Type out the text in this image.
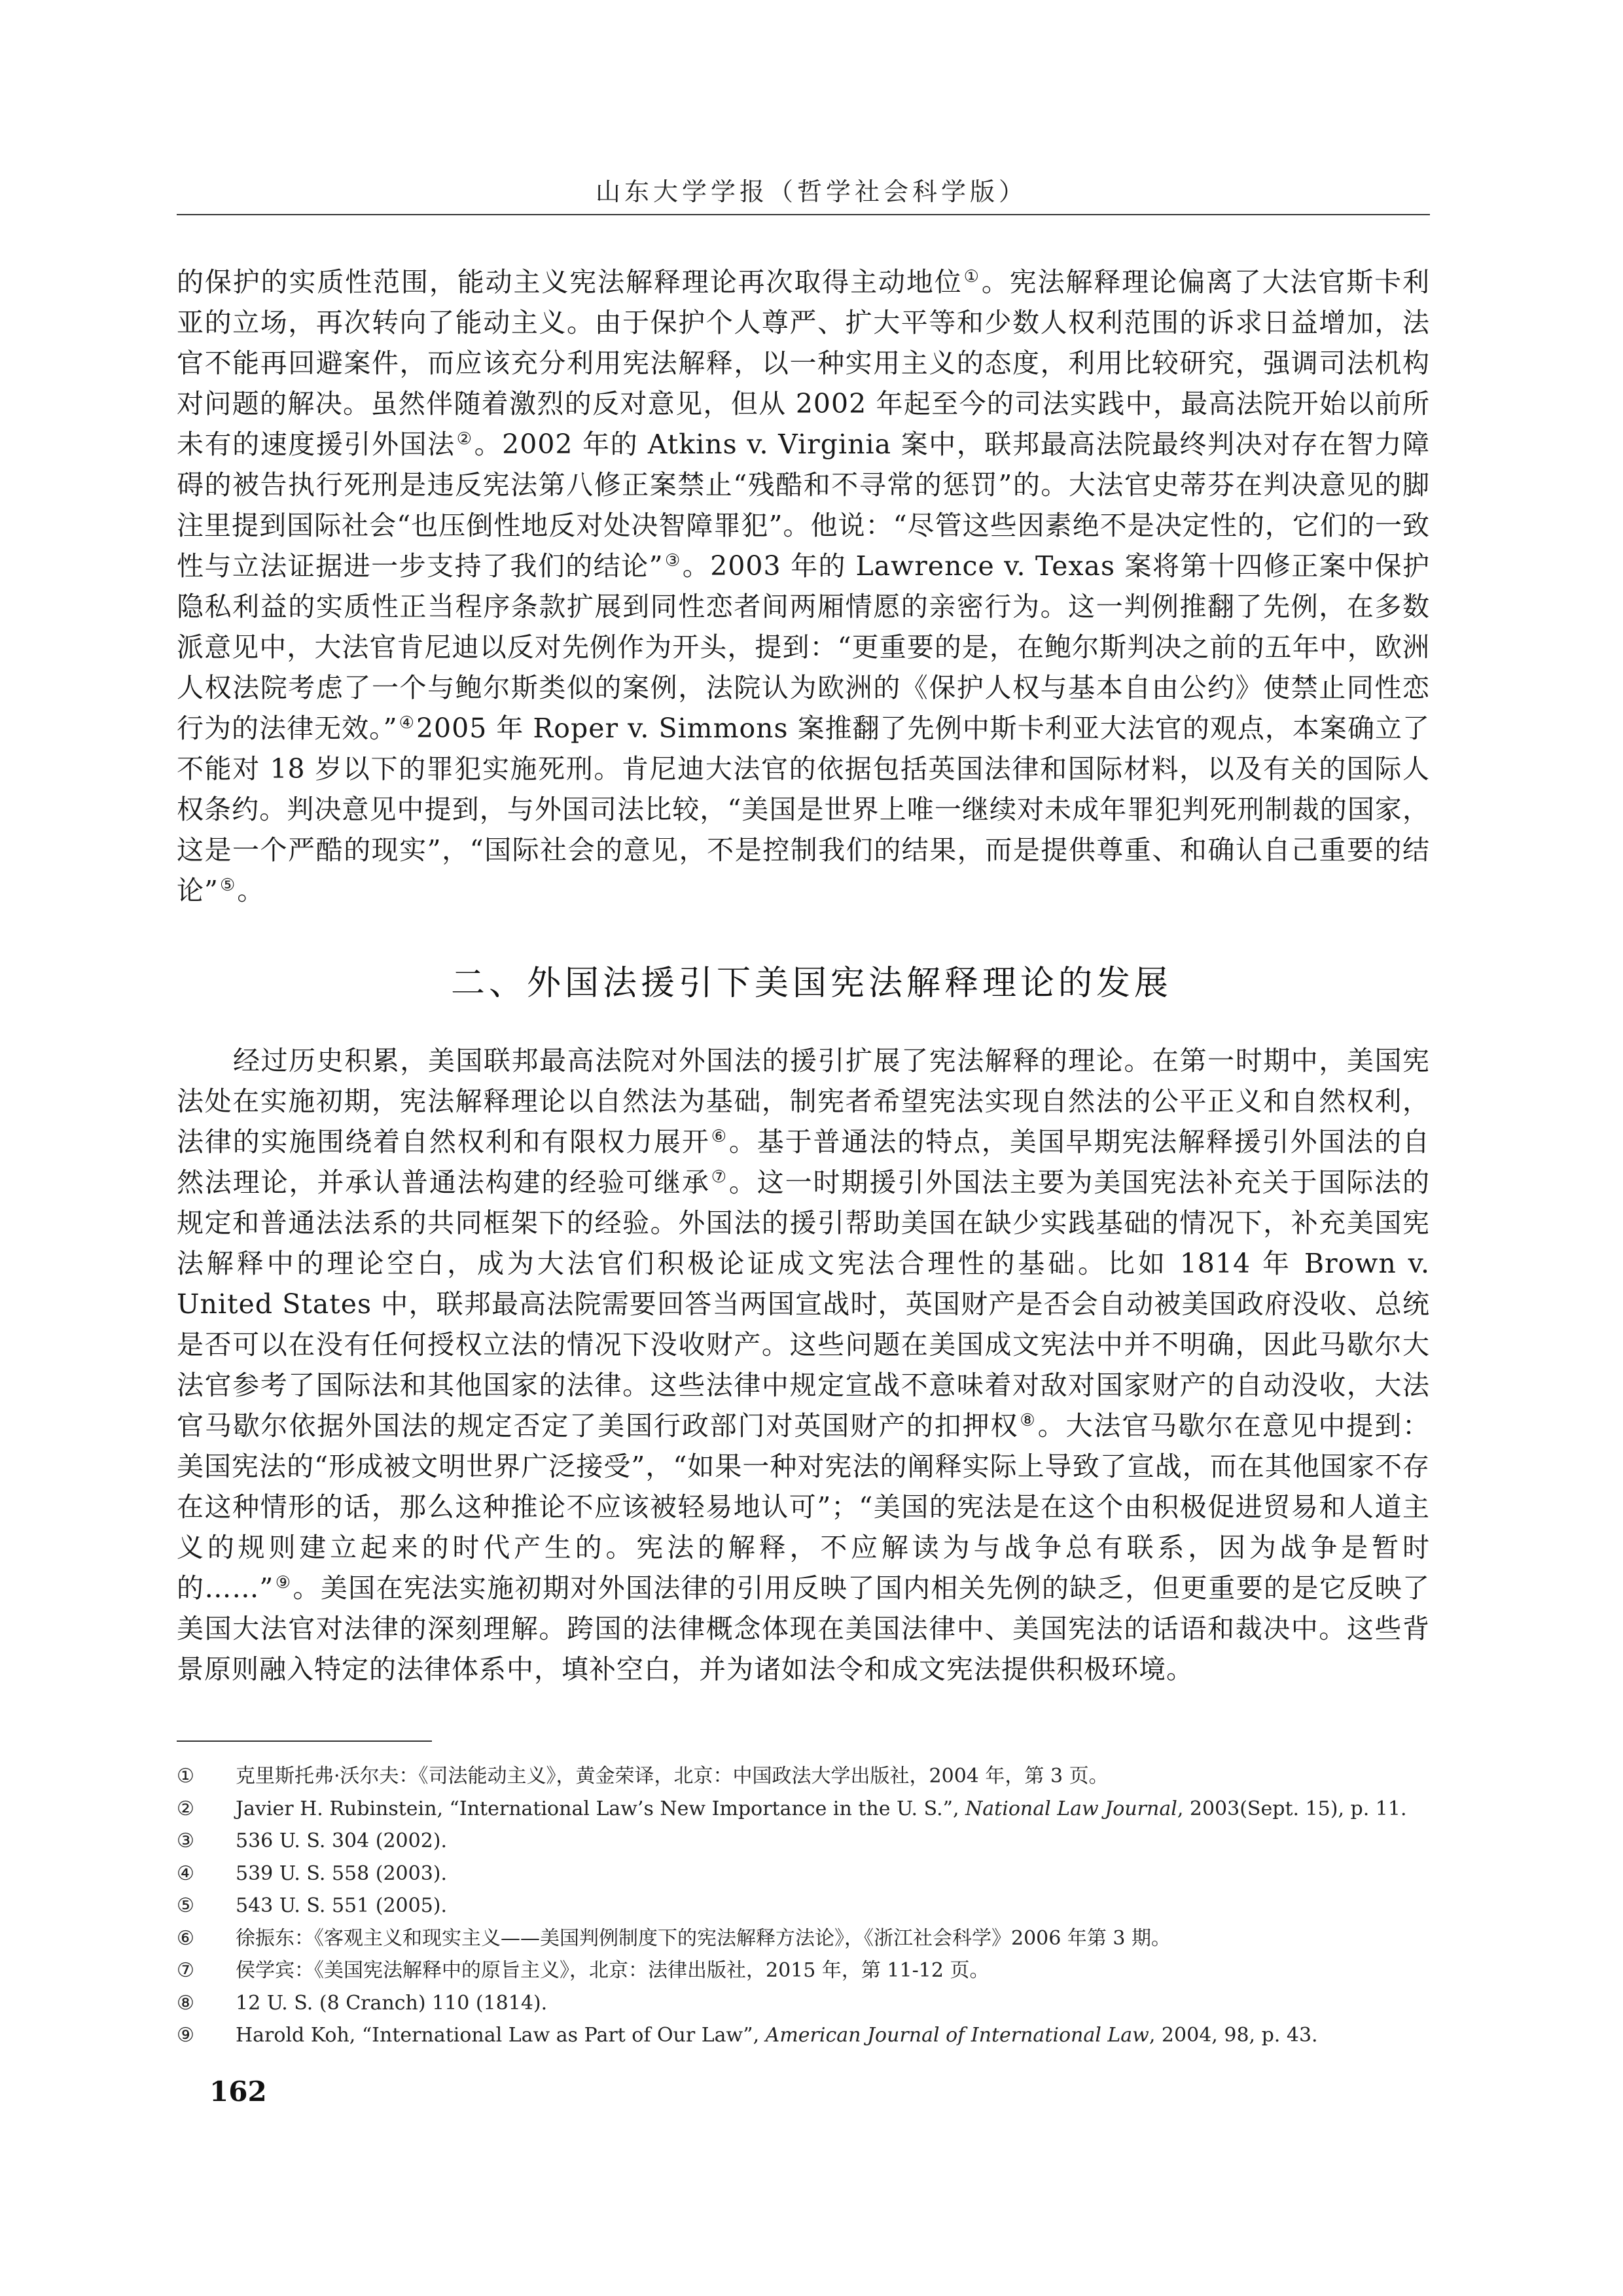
山东大学学报（哲学社会科学版）

的保护的实质性范围，能动主义宪法解释理论再次取得主动地位①。宪法解释理论偏离了大法官斯卡利亚的立场，再次转向了能动主义。由于保护个人尊严、扩大平等和少数人权利范围的诉求日益增加，法官不能再回避案件，而应该充分利用宪法解释，以一种实用主义的态度，利用比较研究，强调司法机构对问题的解决。虽然伴随着激烈的反对意见，但从 2002 年起至今的司法实践中，最高法院开始以前所未有的速度援引外国法②。2002 年的 Atkins v. Virginia 案中，联邦最高法院最终判决对存在智力障碍的被告执行死刑是违反宪法第八修正案禁止“残酷和不寻常的惩罚”的。大法官史蒂芬在判决意见的脚注里提到国际社会“也压倒性地反对处决智障罪犯”。他说：“尽管这些因素绝不是决定性的，它们的一致性与立法证据进一步支持了我们的结论”③。2003 年的 Lawrence v. Texas 案将第十四修正案中保护隐私利益的实质性正当程序条款扩展到同性恋者间两厢情愿的亲密行为。这一判例推翻了先例，在多数派意见中，大法官肯尼迪以反对先例作为开头，提到：“更重要的是，在鲍尔斯判决之前的五年中，欧洲人权法院考虑了一个与鲍尔斯类似的案例，法院认为欧洲的《保护人权与基本自由公约》使禁止同性恋行为的法律无效。”④2005 年 Roper v. Simmons 案推翻了先例中斯卡利亚大法官的观点，本案确立了不能对 18 岁以下的罪犯实施死刑。肯尼迪大法官的依据包括英国法律和国际材料，以及有关的国际人权条约。判决意见中提到，与外国司法比较，“美国是世界上唯一继续对未成年罪犯判死刑制裁的国家，这是一个严酷的现实”，“国际社会的意见，不是控制我们的结果，而是提供尊重、和确认自己重要的结论”⑤。

二、外国法援引下美国宪法解释理论的发展

经过历史积累，美国联邦最高法院对外国法的援引扩展了宪法解释的理论。在第一时期中，美国宪法处在实施初期，宪法解释理论以自然法为基础，制宪者希望宪法实现自然法的公平正义和自然权利，法律的实施围绕着自然权利和有限权力展开⑥。基于普通法的特点，美国早期宪法解释援引外国法的自然法理论，并承认普通法构建的经验可继承⑦。这一时期援引外国法主要为美国宪法补充关于国际法的规定和普通法法系的共同框架下的经验。外国法的援引帮助美国在缺少实践基础的情况下，补充美国宪法解释中的理论空白，成为大法官们积极论证成文宪法合理性的基础。比如 1814 年 Brown v. United States 中，联邦最高法院需要回答当两国宣战时，英国财产是否会自动被美国政府没收、总统是否可以在没有任何授权立法的情况下没收财产。这些问题在美国成文宪法中并不明确，因此马歇尔大法官参考了国际法和其他国家的法律。这些法律中规定宣战不意味着对敌对国家财产的自动没收，大法官马歇尔依据外国法的规定否定了美国行政部门对英国财产的扣押权⑧。大法官马歇尔在意见中提到：美国宪法的“形成被文明世界广泛接受”，“如果一种对宪法的阐释实际上导致了宣战，而在其他国家不存在这种情形的话，那么这种推论不应该被轻易地认可”；“美国的宪法是在这个由积极促进贸易和人道主义的规则建立起来的时代产生的。宪法的解释，不应解读为与战争总有联系，因为战争是暂时的……”⑨。美国在宪法实施初期对外国法律的引用反映了国内相关先例的缺乏，但更重要的是它反映了美国大法官对法律的深刻理解。跨国的法律概念体现在美国法律中、美国宪法的话语和裁决中。这些背景原则融入特定的法律体系中，填补空白，并为诸如法令和成文宪法提供积极环境。

①	克里斯托弗·沃尔夫：《司法能动主义》，黄金荣译，北京：中国政法大学出版社，2004 年，第 3 页。
②	Javier H. Rubinstein, “International Law’s New Importance in the U. S.”, National Law Journal, 2003(Sept. 15), p. 11.
③	536 U. S. 304 (2002).
④	539 U. S. 558 (2003).
⑤	543 U. S. 551 (2005).
⑥	徐振东：《客观主义和现实主义——美国判例制度下的宪法解释方法论》，《浙江社会科学》2006 年第 3 期。
⑦	侯学宾：《美国宪法解释中的原旨主义》，北京：法律出版社，2015 年，第 11-12 页。
⑧	12 U. S. (8 Cranch) 110 (1814).
⑨	Harold Koh, “International Law as Part of Our Law”, American Journal of International Law, 2004, 98, p. 43.
162
